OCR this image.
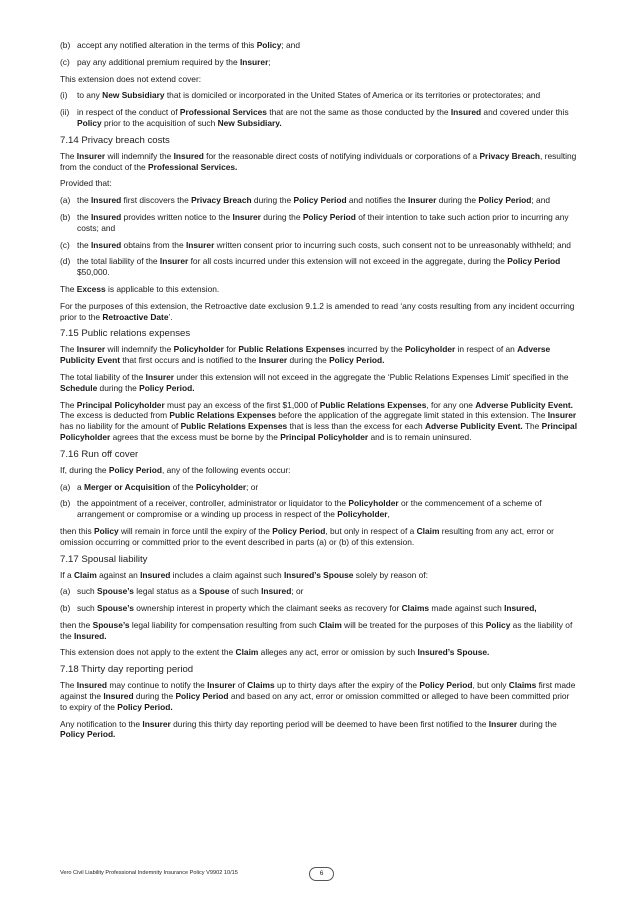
(b) accept any notified alteration in the terms of this Policy; and
(c) pay any additional premium required by the Insurer;

This extension does not extend cover:

(i)	to any New Subsidiary that is domiciled or incorporated in the United States of America or its territories or protectorates; and
(ii) in respect of the conduct of Professional Services that are not the same as those conducted by the Insured and covered under this Policy prior to the acquisition of such New Subsidiary.
7.14 Privacy breach costs

The Insurer will indemnify the Insured for the reasonable direct costs of notifying individuals or corporations of a Privacy Breach, resulting from the conduct of the Professional Services.

Provided that:

(a) the Insured first discovers the Privacy Breach during the Policy Period and notifies the Insurer during the Policy Period; and
(b) the Insured provides written notice to the Insurer during the Policy Period of their intention to take such action prior to incurring any costs; and
(c) the Insured obtains from the Insurer written consent prior to incurring such costs, such consent not to be unreasonably withheld; and
(d) the total liability of the Insurer for all costs incurred under this extension will not exceed in the aggregate, during the Policy Period $50,000.

The Excess is applicable to this extension.

For the purposes of this extension, the Retroactive date exclusion 9.1.2 is amended to read ‘any costs resulting from any incident occurring prior to the Retroactive Date’.

7.15 Public relations expenses

The Insurer will indemnify the Policyholder for Public Relations Expenses incurred by the Policyholder in respect of an Adverse Publicity Event that first occurs and is notified to the Insurer during the Policy Period.

The total liability of the Insurer under this extension will not exceed in the aggregate the ‘Public Relations Expenses Limit’ specified in the Schedule during the Policy Period.

The Principal Policyholder must pay an excess of the first $1,000 of Public Relations Expenses, for any one Adverse Publicity Event. The excess is deducted from Public Relations Expenses before the application of the aggregate limit stated in this extension. The Insurer has no liability for the amount of Public Relations Expenses that is less than the excess for each Adverse Publicity Event. The Principal Policyholder agrees that the excess must be borne by the Principal Policyholder and is to remain uninsured.

7.16 Run off cover

If, during the Policy Period, any of the following events occur:

(a) a Merger or Acquisition of the Policyholder; or
(b) the appointment of a receiver, controller, administrator or liquidator to the Policyholder or the commencement of a scheme of arrangement or compromise or a winding up process in respect of the Policyholder,

then this Policy will remain in force until the expiry of the Policy Period, but only in respect of a Claim resulting from any act, error or omission occurring or committed prior to the event described in parts (a) or (b) of this extension.

7.17 Spousal liability

If a Claim against an Insured includes a claim against such Insured’s Spouse solely by reason of:

(a) such Spouse’s legal status as a Spouse of such Insured; or
(b) such Spouse’s ownership interest in property which the claimant seeks as recovery for Claims made against such Insured,

then the Spouse’s legal liability for compensation resulting from such Claim will be treated for the purposes of this Policy as the liability of the Insured.

This extension does not apply to the extent the Claim alleges any act, error or omission by such Insured’s Spouse.

7.18 Thirty day reporting period

The Insured may continue to notify the Insurer of Claims up to thirty days after the expiry of the Policy Period, but only Claims first made against the Insured during the Policy Period and based on any act, error or omission committed or alleged to have been committed prior to expiry of the Policy Period.

Any notification to the Insurer during this thirty day reporting period will be deemed to have been first notified to the Insurer during the Policy Period.

Vero Civil Liability Professional Indemnity Insurance Policy V9902 10/15	6
